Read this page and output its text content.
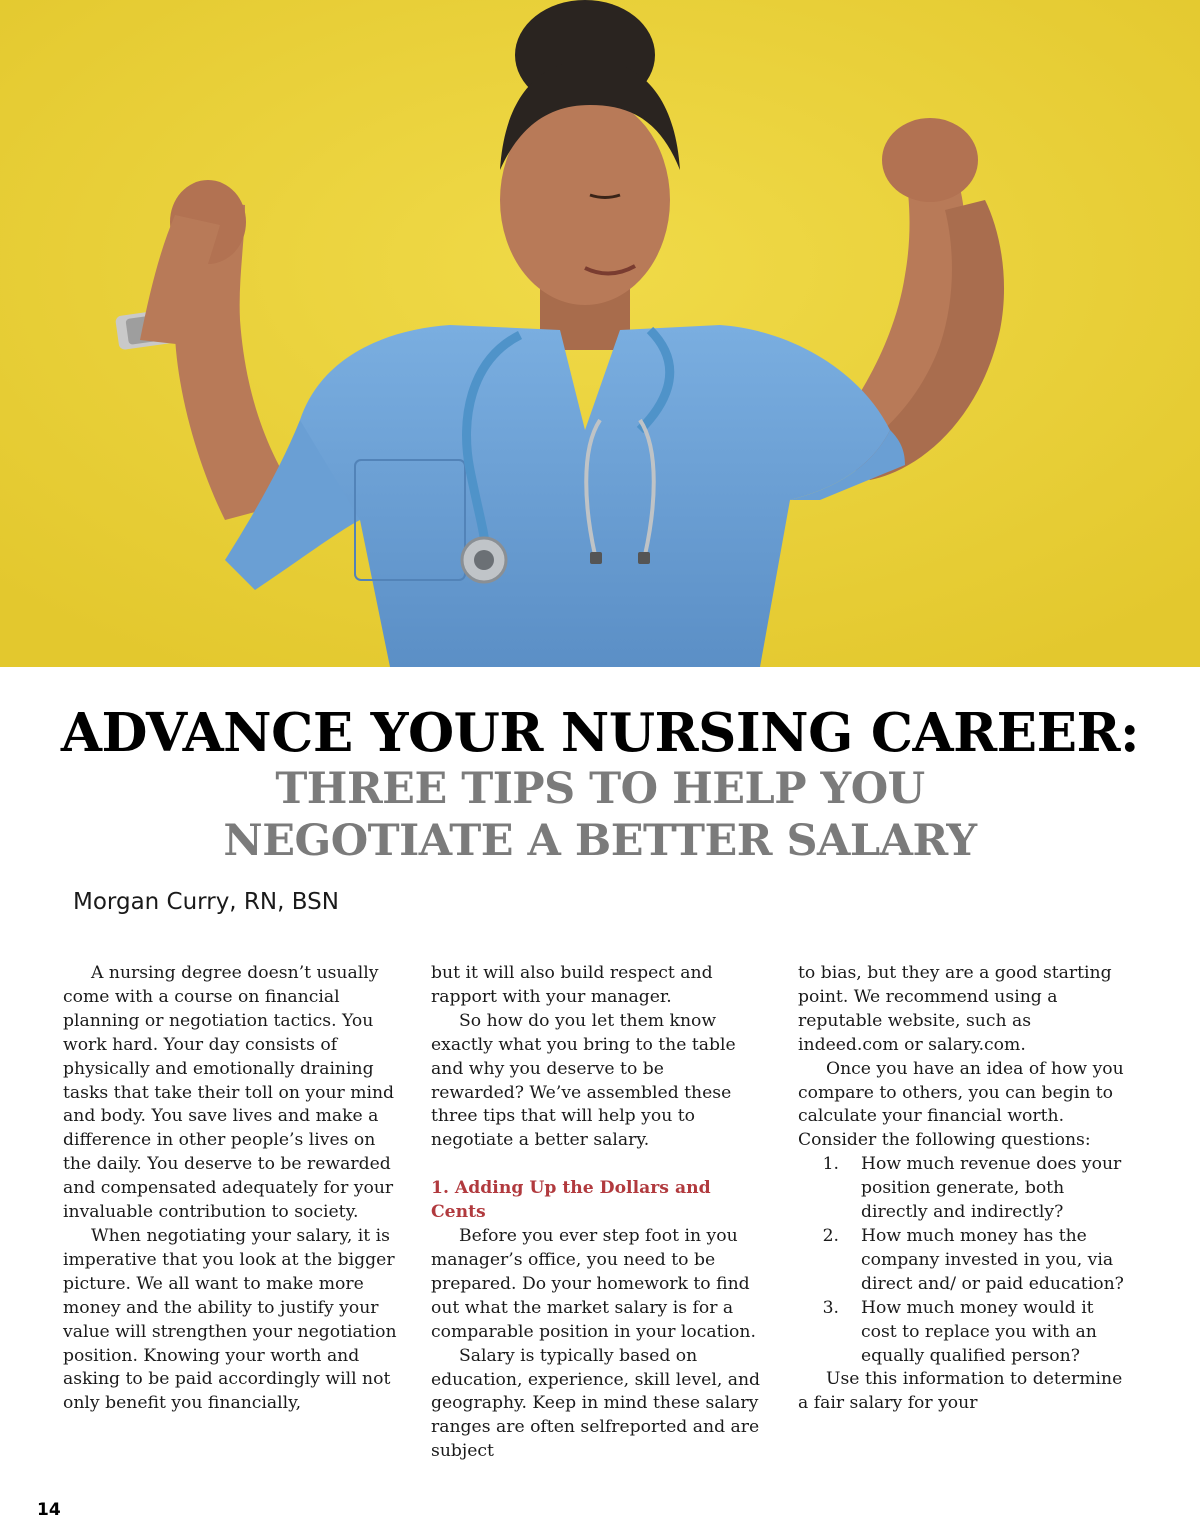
ADVANCE YOUR NURSING CAREER:
THREE TIPS TO HELP YOU
NEGOTIATE A BETTER SALARY

Morgan Curry, RN, BSN

A nursing degree doesn’t usually come with a course on financial planning or negotiation tactics. You work hard. Your day consists of physically and emotionally draining tasks that take their toll on your mind and body. You save lives and make a difference in other people’s lives on the daily. You deserve to be rewarded and compensated adequately for your invaluable contribution to society.

When negotiating your salary, it is imperative that you look at the bigger picture. We all want to make more money and the ability to justify your value will strengthen your negotiation position. Knowing your worth and asking to be paid accordingly will not only benefit you financially,

but it will also build respect and rapport with your manager.

So how do you let them know exactly what you bring to the table and why you deserve to be rewarded? We’ve assembled these three tips that will help you to negotiate a better salary.

1. Adding Up the Dollars and Cents

Before you ever step foot in you manager’s office, you need to be prepared. Do your homework to find out what the market salary is for a comparable position in your location.

Salary is typically based on education, experience, skill level, and geography. Keep in mind these salary ranges are often selfreported and are subject

to bias, but they are a good starting point. We recommend using a reputable website, such as indeed.com or salary.com.

Once you have an idea of how you compare to others, you can begin to calculate your financial worth. Consider the following questions:

1.	How much revenue does your position generate, both directly and indirectly?
2.	How much money has the company invested in you, via direct and/ or paid education?
3.	How much money would it cost to replace you with an equally qualified person?

Use this information to determine a fair salary for your

14
